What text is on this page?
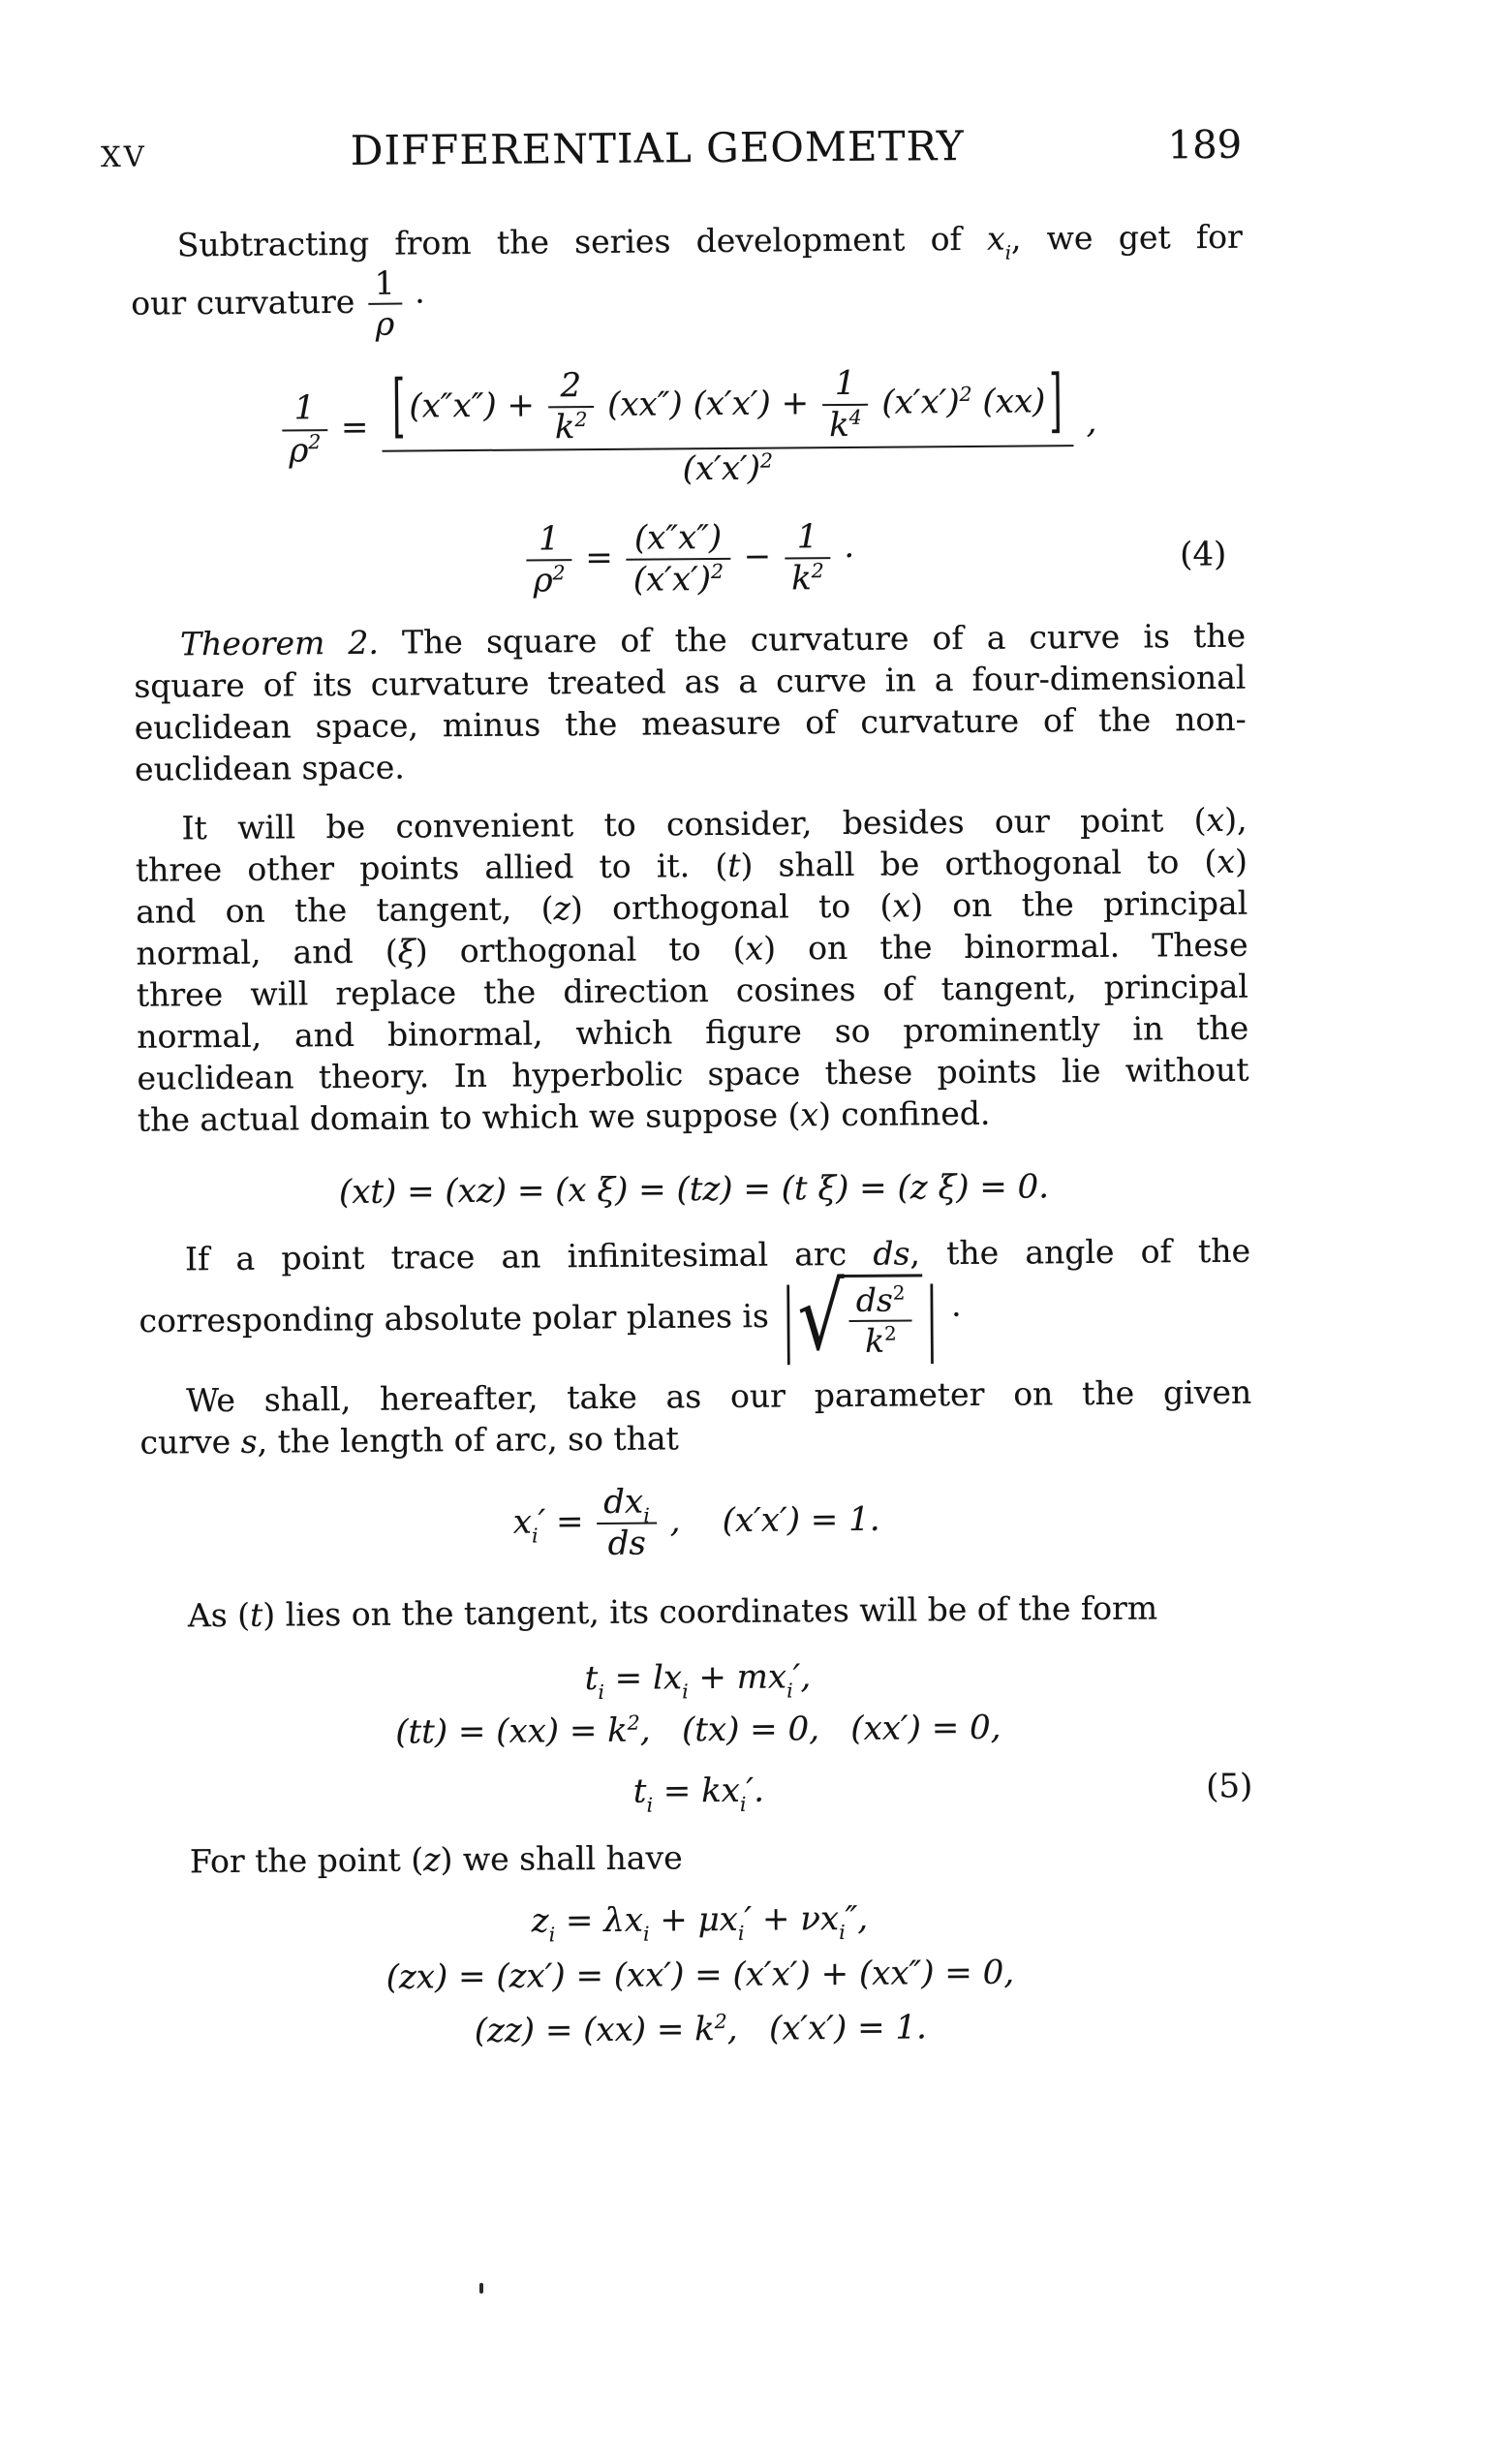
XV	DIFFERENTIAL GEOMETRY	189
Subtracting from the series development of $x_i$, we get for
our curvature $\frac{1}{\rho}$ ·
$\frac{1}{\rho^2} = \frac{[ (x''x'') + \frac{2}{k^2} (xx'') (x'x') + \frac{1}{k^4} (x'x')^2 (xx) ]}{(x'x')^2}$ ,
$\frac{1}{\rho^2} = \frac{(x''x'')}{(x'x')^2} - \frac{1}{k^2}$ ·	(4)
Theorem 2. The square of the curvature of a curve is the
square of its curvature treated as a curve in a four-dimensional
euclidean space, minus the measure of curvature of the non-
euclidean space.
It will be convenient to consider, besides our point (x),
three other points allied to it. (t) shall be orthogonal to (x)
and on the tangent, (z) orthogonal to (x) on the principal
normal, and (ξ) orthogonal to (x) on the binormal. These
three will replace the direction cosines of tangent, principal
normal, and binormal, which figure so prominently in the
euclidean theory. In hyperbolic space these points lie without
the actual domain to which we suppose (x) confined.
(xt) = (xz) = (x ξ) = (tz) = (t ξ) = (z ξ) = 0.
If a point trace an infinitesimal arc ds, the angle of the
corresponding absolute polar planes is |√ $\frac{ds^2}{k^2}$ | ·
We shall, hereafter, take as our parameter on the given
curve s, the length of arc, so that
$x_i' = \frac{dx_i}{ds}$ ,    (x′x′) = 1.
As (t) lies on the tangent, its coordinates will be of the form
$t_i = lx_i + mx_i'$,
$(tt) = (xx) = k^2$,   (tx) = 0,   (xx′) = 0,
$t_i = kx_i'$.	(5)
For the point (z) we shall have
$z_i = \lambda x_i + \mu x_i' + \nu x_i''$,
(zx) = (zx′) = (xx′) = (x′x′) + (xx″) = 0,
$(zz) = (xx) = k^2$,   (x′x′) = 1.
